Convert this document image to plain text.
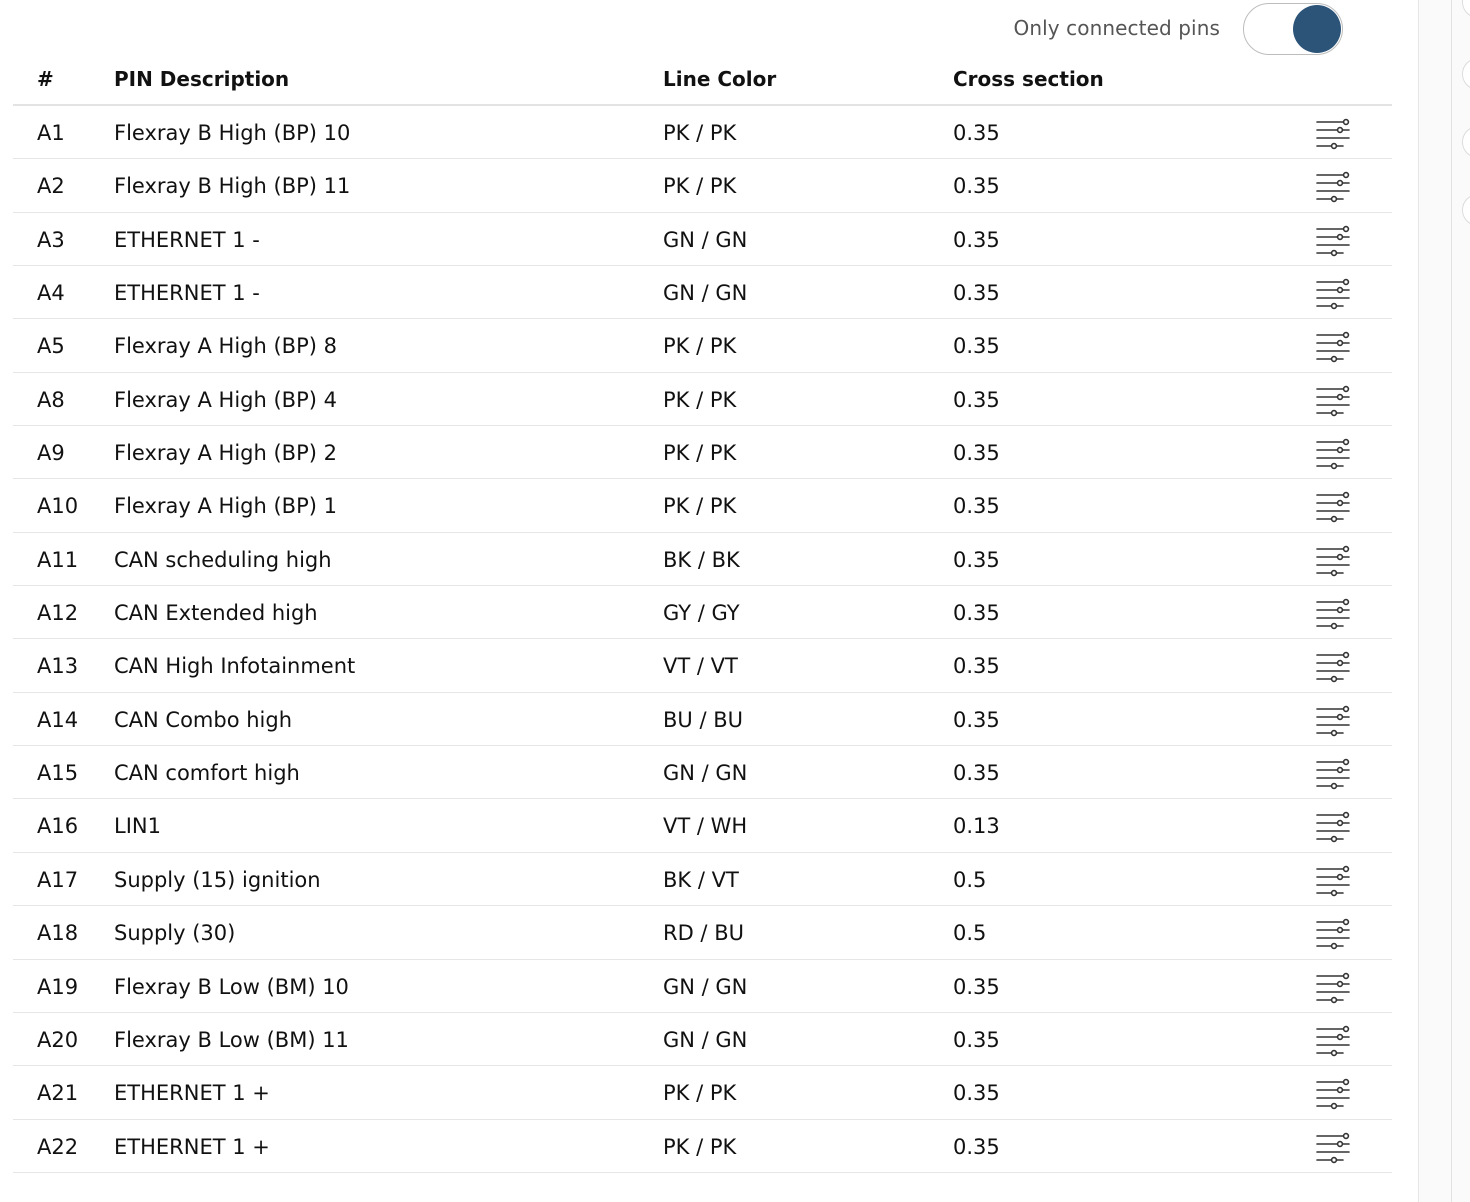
Only connected pins
#	PIN Description	Line Color	Cross section
A1 Flexray B High (BP) 10	PK / PK	0.35
A2 Flexray B High (BP) 11	PK / PK	0.35
A3 ETHERNET 1 -	GN / GN	0.35
A4 ETHERNET 1 -	GN / GN	0.35
A5 Flexray A High (BP) 8	PK / PK	0.35
A8 Flexray A High (BP) 4	PK / PK	0.35
A9 Flexray A High (BP) 2	PK / PK	0.35
A10 Flexray A High (BP) 1	PK / PK	0.35
A11 CAN scheduling high	BK / BK	0.35
A12 CAN Extended high	GY / GY	0.35
A13 CAN High Infotainment	VT / VT	0.35
A14 CAN Combo high	BU / BU	0.35
A15 CAN comfort high	GN / GN	0.35
A16 LIN1	VT / WH	0.13
A17 Supply (15) ignition	BK / VT	0.5
A18 Supply (30)	RD / BU	0.5
A19 Flexray B Low (BM) 10	GN / GN	0.35
A20 Flexray B Low (BM) 11	GN / GN	0.35
A21 ETHERNET 1 +	PK / PK	0.35
A22 ETHERNET 1 +	PK / PK	0.35
